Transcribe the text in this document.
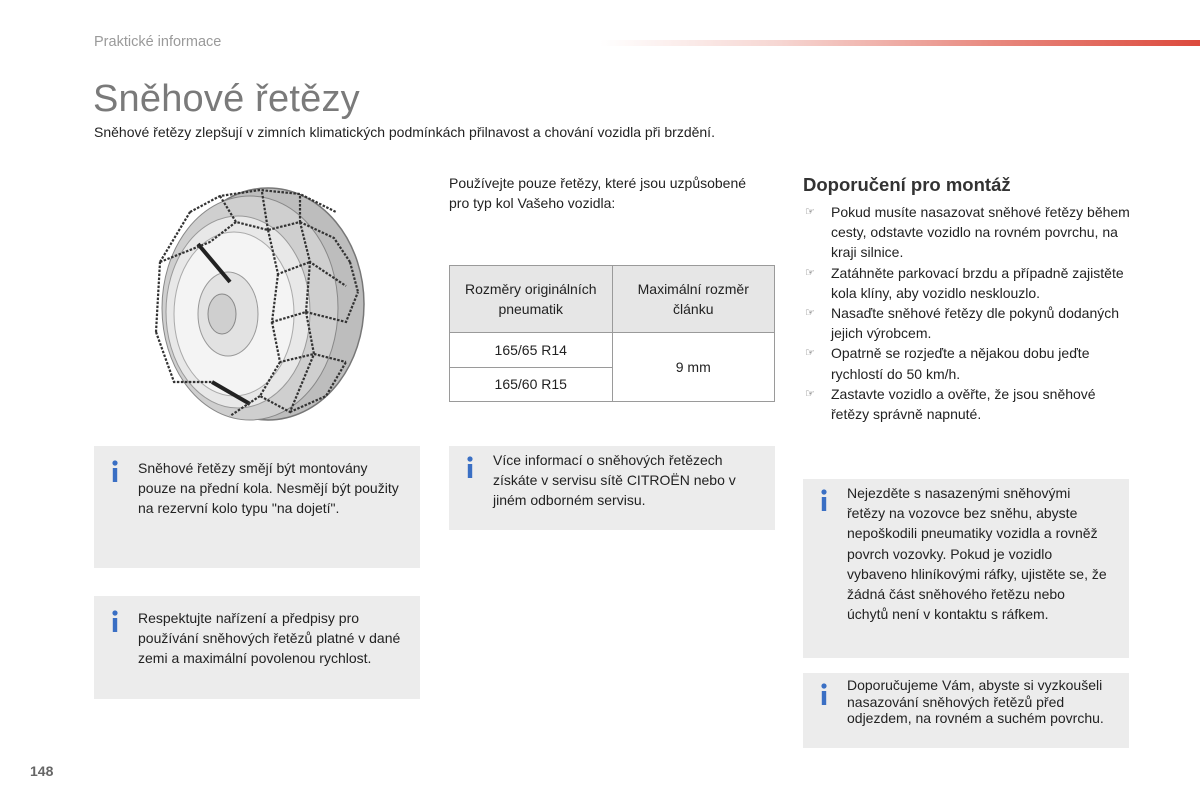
Praktické informace
Sněhové řetězy
Sněhové řetězy zlepšují v zimních klimatických podmínkách přilnavost a chování vozidla při brzdění.
Používejte pouze řetězy, které jsou uzpůsobené pro typ kol Vašeho vozidla:
Rozměry originálních pneumatik	Maximální rozměr článku
165/65 R14	9 mm
165/60 R15	
Doporučení pro montáž
☞ Pokud musíte nasazovat sněhové řetězy během cesty, odstavte vozidlo na rovném povrchu, na kraji silnice.
☞ Zatáhněte parkovací brzdu a případně zajistěte kola klíny, aby vozidlo nesklouzlo.
☞ Nasaďte sněhové řetězy dle pokynů dodaných jejich výrobcem.
☞ Opatrně se rozjeďte a nějakou dobu jeďte rychlostí do 50 km/h.
☞ Zastavte vozidlo a ověřte, že jsou sněhové řetězy správně napnuté.
Sněhové řetězy smějí být montovány pouze na přední kola. Nesmějí být použity na rezervní kolo typu "na dojetí".
Respektujte nařízení a předpisy pro používání sněhových řetězů platné v dané zemi a maximální povolenou rychlost.
Více informací o sněhových řetězech získáte v servisu sítě CITROËN nebo v jiném odborném servisu.	Nejezděte s nasazenými sněhovými řetězy na vozovce bez sněhu, abyste nepoškodili pneumatiky vozidla a rovněž povrch vozovky. Pokud je vozidlo vybaveno hliníkovými ráfky, ujistěte se, že žádná část sněhového řetězu nebo úchytů není v kontaktu s ráfkem.
Doporučujeme Vám, abyste si vyzkoušeli nasazování sněhových řetězů před odjezdem, na rovném a suchém povrchu.
148
